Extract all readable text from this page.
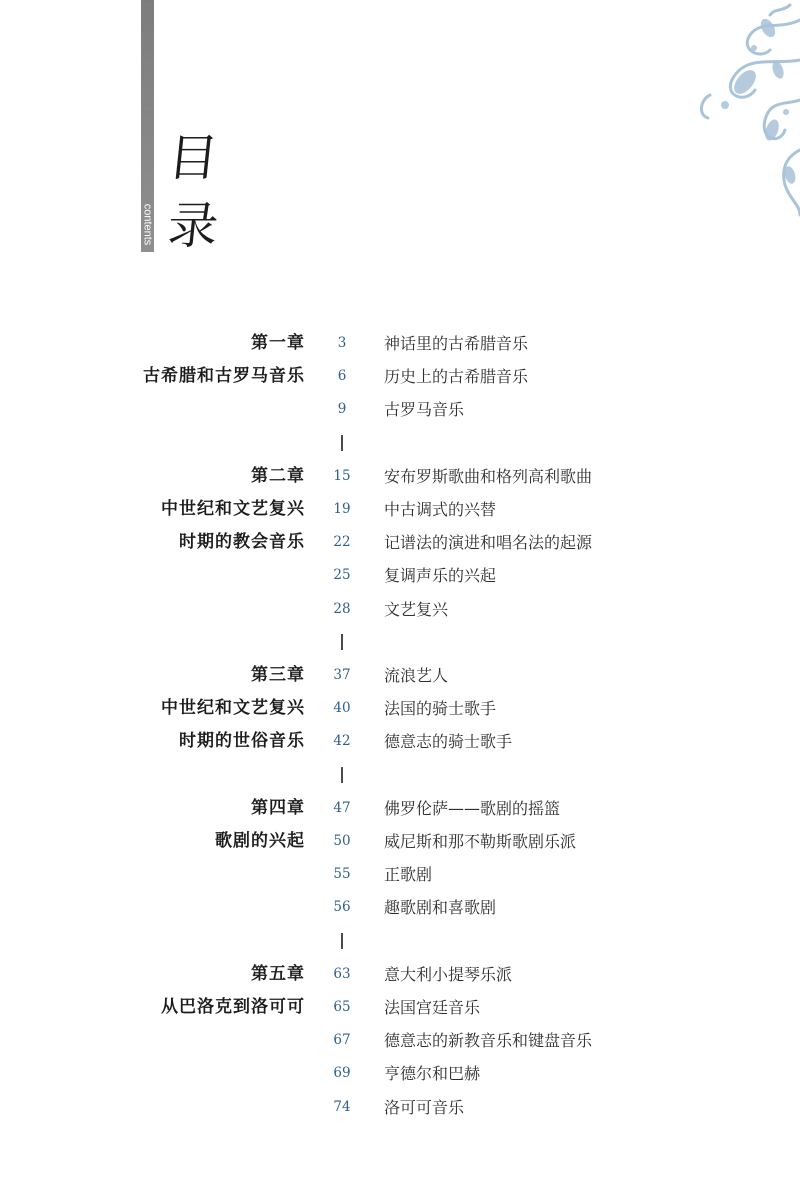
contents
目
录
第一章	3	神话里的古希腊音乐
古希腊和古罗马音乐	6	历史上的古希腊音乐
9	古罗马音乐
第二章	15	安布罗斯歌曲和格列高利歌曲
中世纪和文艺复兴	19	中古调式的兴替
时期的教会音乐	22	记谱法的演进和唱名法的起源
25	复调声乐的兴起
28	文艺复兴
第三章	37	流浪艺人
中世纪和文艺复兴	40	法国的骑士歌手
时期的世俗音乐	42	德意志的骑士歌手
第四章	47	佛罗伦萨——歌剧的摇篮
歌剧的兴起	50	威尼斯和那不勒斯歌剧乐派
55	正歌剧
56	趣歌剧和喜歌剧
第五章	63	意大利小提琴乐派
从巴洛克到洛可可	65	法国宫廷音乐
67	德意志的新教音乐和键盘音乐
69	亨德尔和巴赫
74	洛可可音乐
